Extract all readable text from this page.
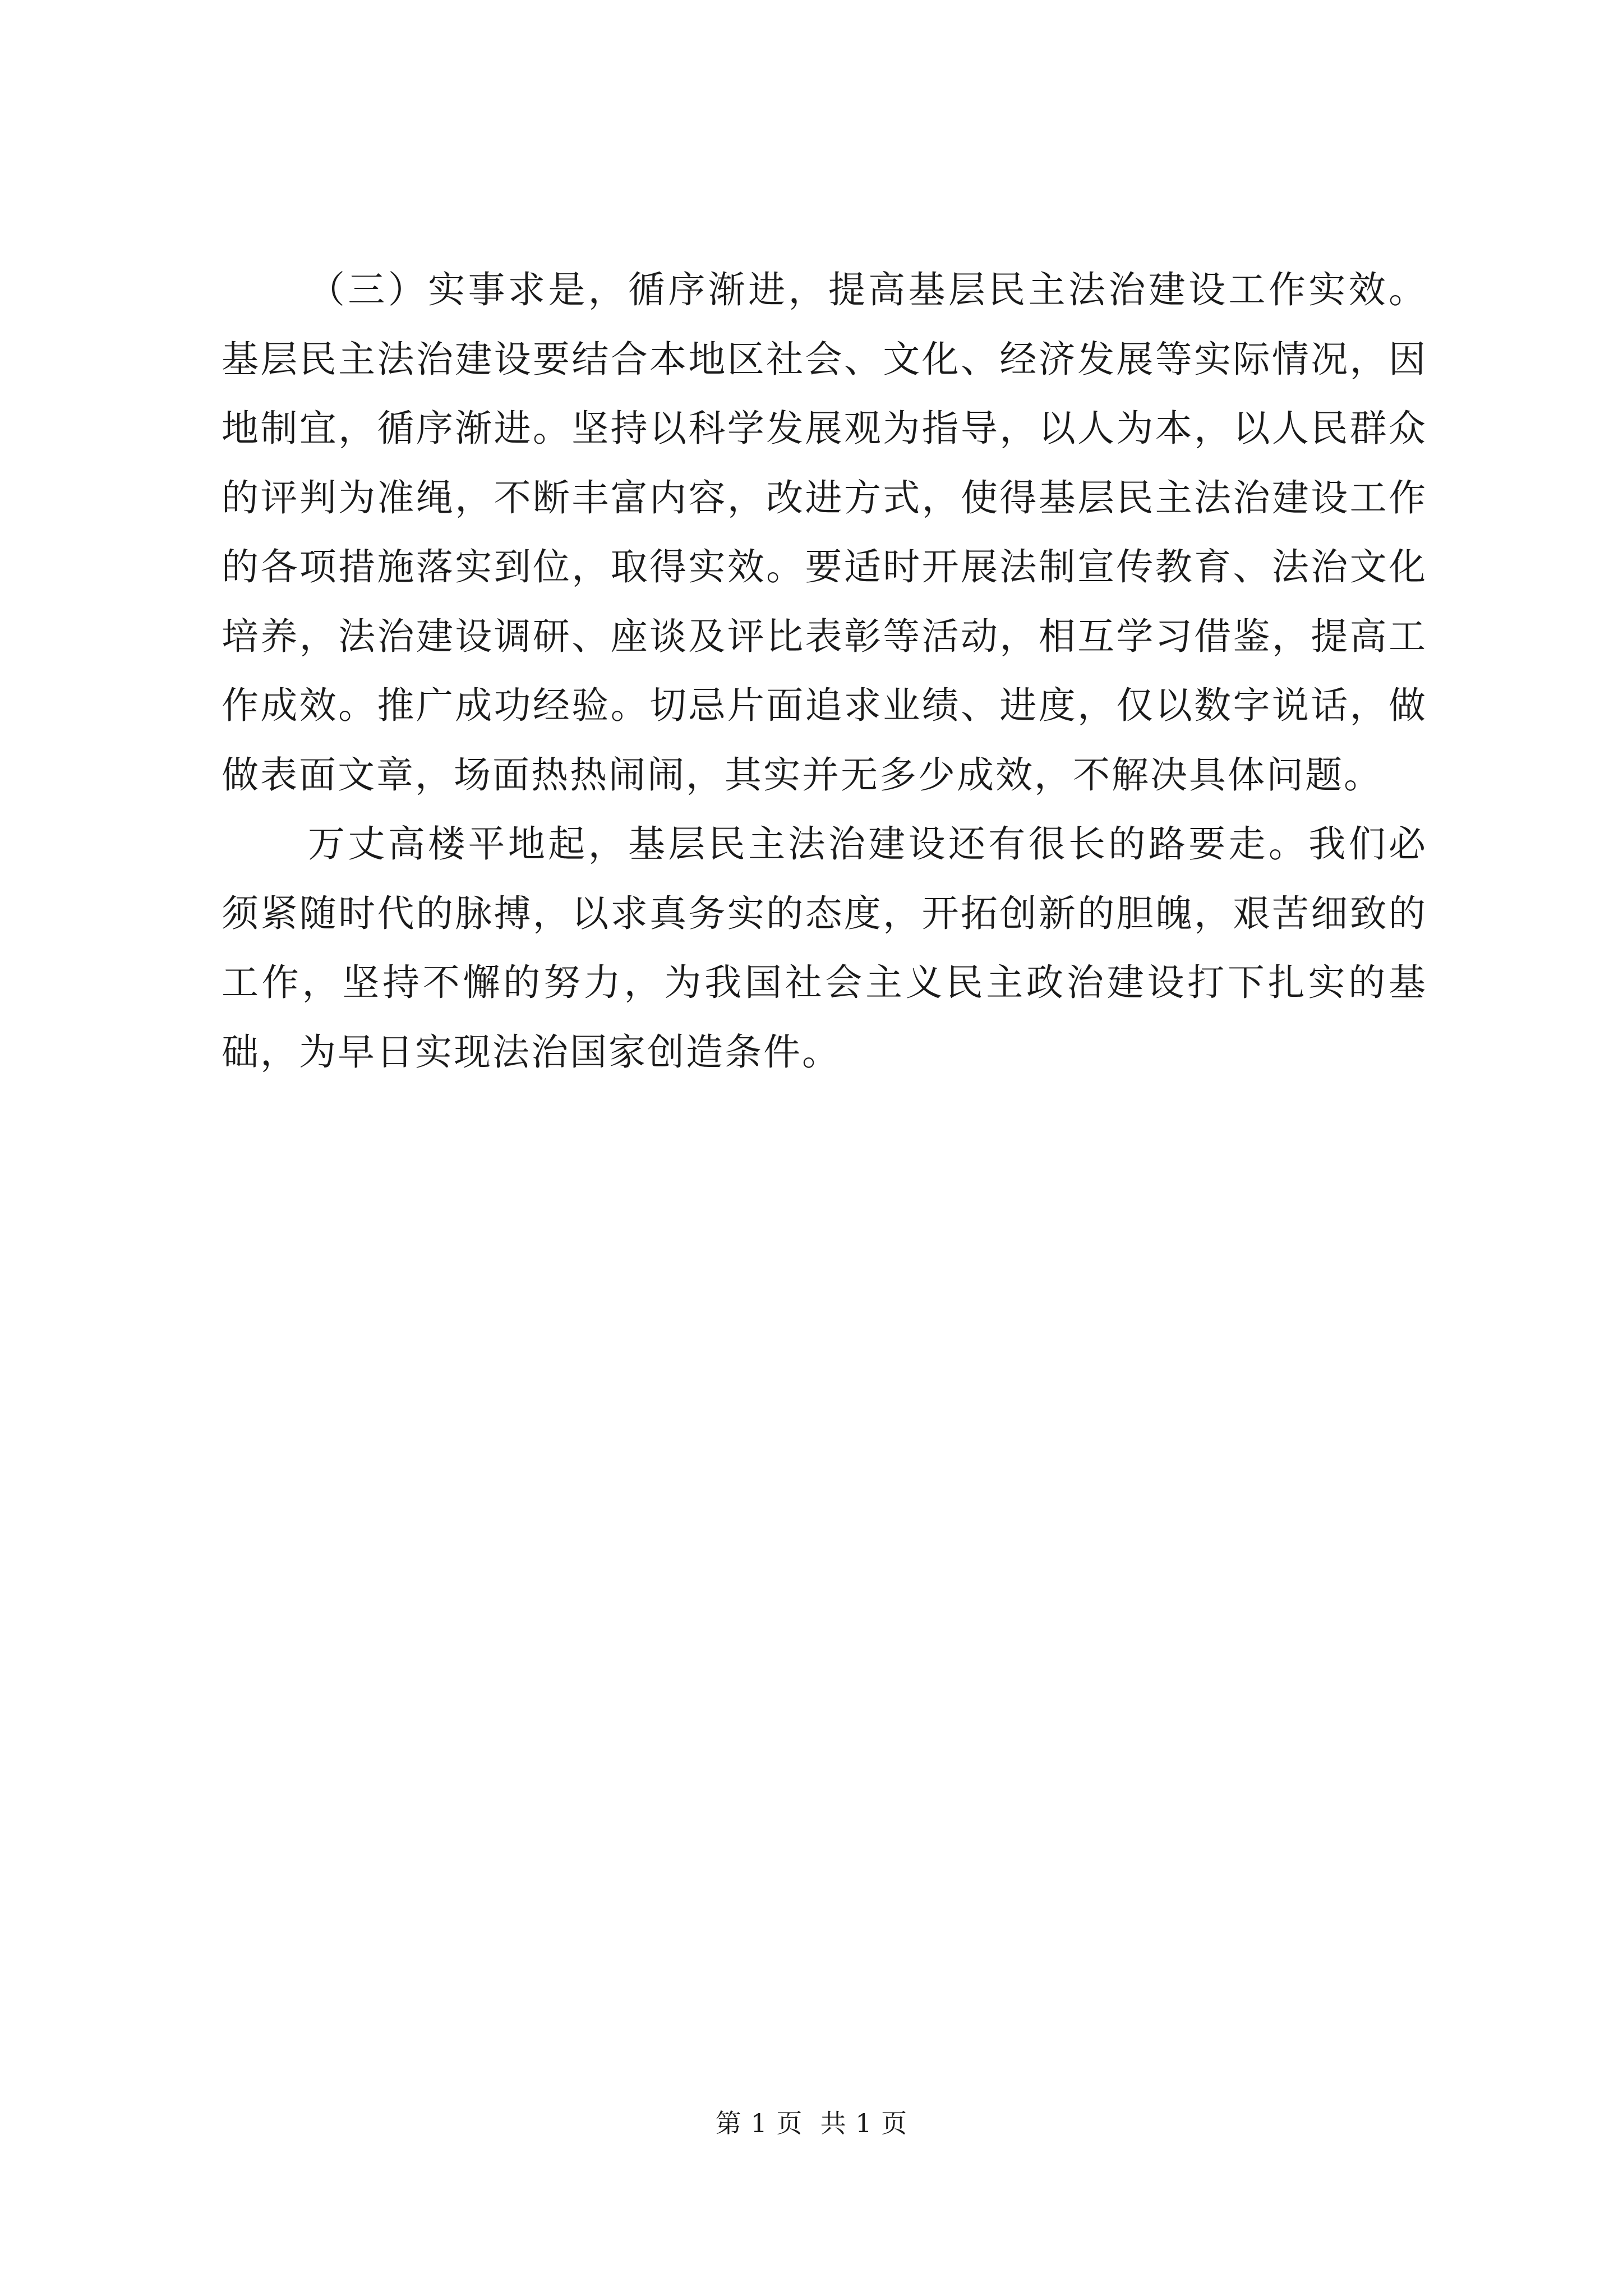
（三）实事求是，循序渐进，提高基层民主法治建设工作实效。基层民主法治建设要结合本地区社会、文化、经济发展等实际情况，因地制宜，循序渐进。坚持以科学发展观为指导，以人为本，以人民群众的评判为准绳，不断丰富内容，改进方式，使得基层民主法治建设工作的各项措施落实到位，取得实效。要适时开展法制宣传教育、法治文化培养，法治建设调研、座谈及评比表彰等活动，相互学习借鉴，提高工作成效。推广成功经验。切忌片面追求业绩、进度，仅以数字说话，做做表面文章，场面热热闹闹，其实并无多少成效，不解决具体问题。

万丈高楼平地起，基层民主法治建设还有很长的路要走。我们必须紧随时代的脉搏，以求真务实的态度，开拓创新的胆魄，艰苦细致的工作，坚持不懈的努力，为我国社会主义民主政治建设打下扎实的基础，为早日实现法治国家创造条件。

第 1 页  共 1 页
